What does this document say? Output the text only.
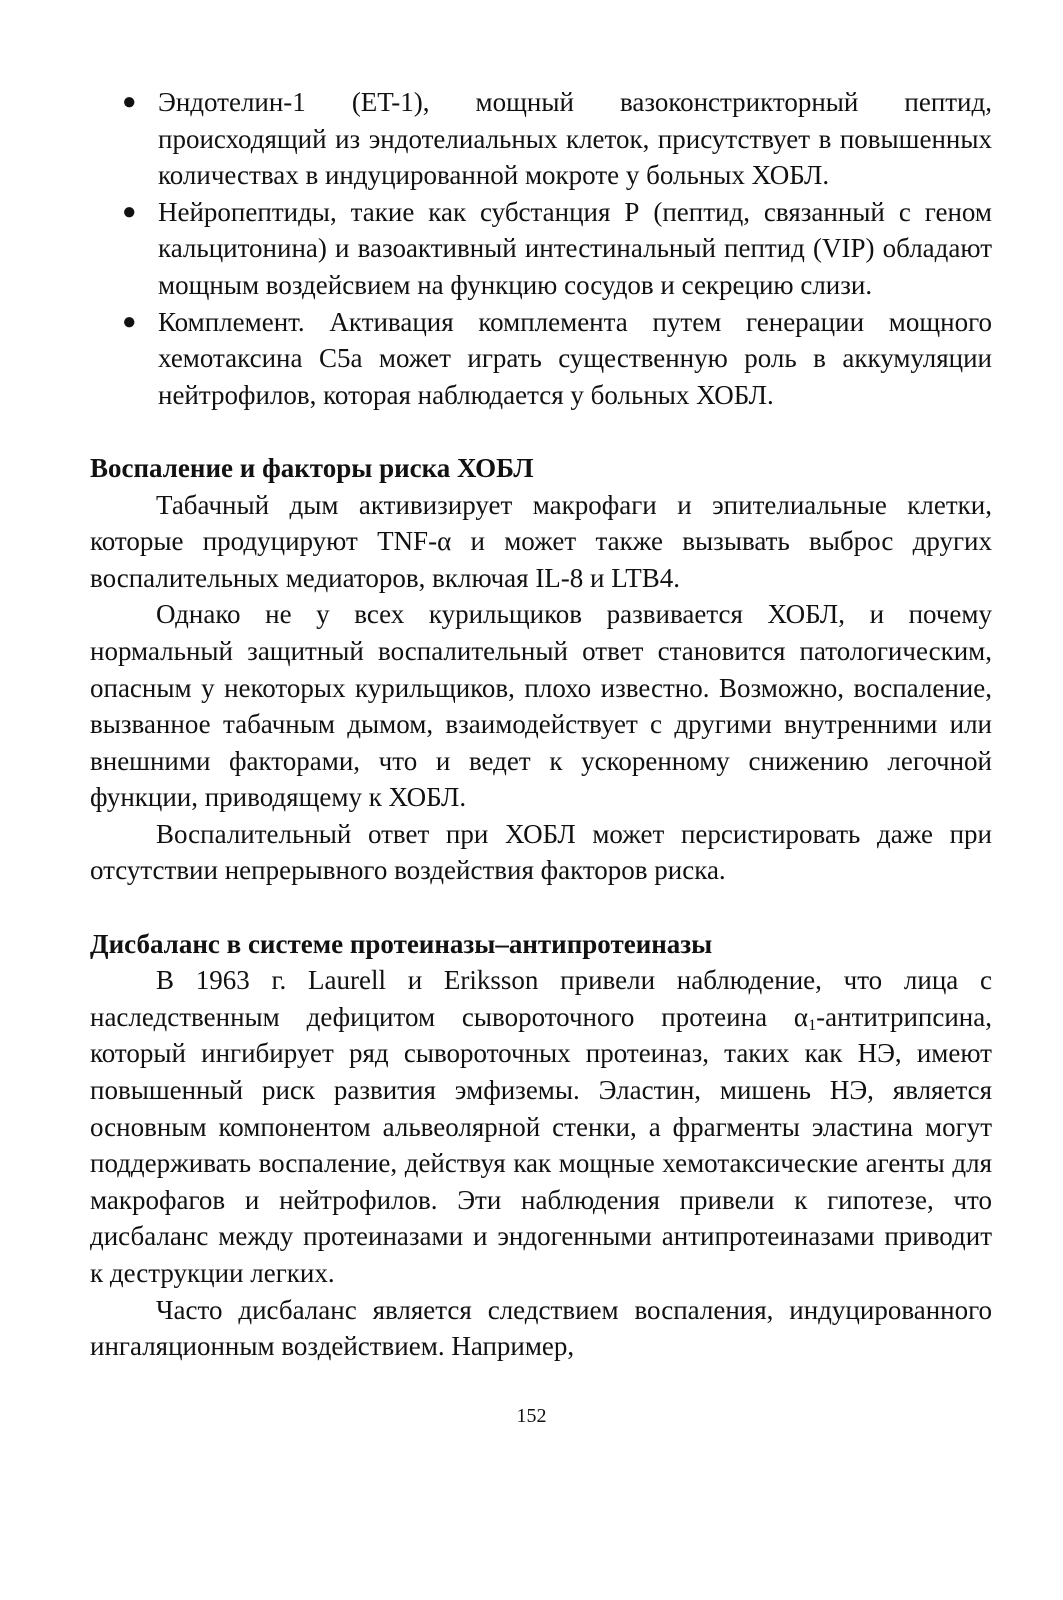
● Эндотелин-1 (ET-1), мощный вазоконстрикторный пептид, происходящий из эндотелиальных клеток, присутствует в повышенных количествах в индуцированной мокроте у больных ХОБЛ.
● Нейропептиды, такие как субстанция Р (пептид, связанный с геном кальцитонина) и вазоактивный интестинальный пептид (VIP) обладают мощным воздейсвием на функцию сосудов и секрецию слизи.
● Комплемент. Активация комплемента путем генерации мощного хемотаксина С5а может играть существенную роль в аккумуляции нейтрофилов, которая наблюдается у больных ХОБЛ.

Воспаление и факторы риска ХОБЛ

Табачный дым активизирует макрофаги и эпителиальные клетки, которые продуцируют TNF-α и может также вызывать выброс других воспалительных медиаторов, включая IL-8 и LTB4.

Однако не у всех курильщиков развивается ХОБЛ, и почему нормальный защитный воспалительный ответ становится патологическим, опасным у некоторых курильщиков, плохо известно. Возможно, воспаление, вызванное табачным дымом, взаимодействует с другими внутренними или внешними факторами, что и ведет к ускоренному снижению легочной функции, приводящему к ХОБЛ.

Воспалительный ответ при ХОБЛ может персистировать даже при отсутствии непрерывного воздействия факторов риска.

Дисбаланс в системе протеиназы–антипротеиназы

В 1963 г. Laurell и Eriksson привели наблюдение, что лица с наследственным дефицитом сывороточного протеина $\alpha_1$-антитрипсина, который ингибирует ряд сывороточных протеиназ, таких как НЭ, имеют повышенный риск развития эмфиземы. Эластин, мишень НЭ, является основным компонентом альвеолярной стенки, а фрагменты эластина могут поддерживать воспаление, действуя как мощные хемотаксические агенты для макрофагов и нейтрофилов. Эти наблюдения привели к гипотезе, что дисбаланс между протеиназами и эндогенными антипротеиназами приводит к деструкции легких.

Часто дисбаланс является следствием воспаления, индуцированного ингаляционным воздействием. Например,

152
